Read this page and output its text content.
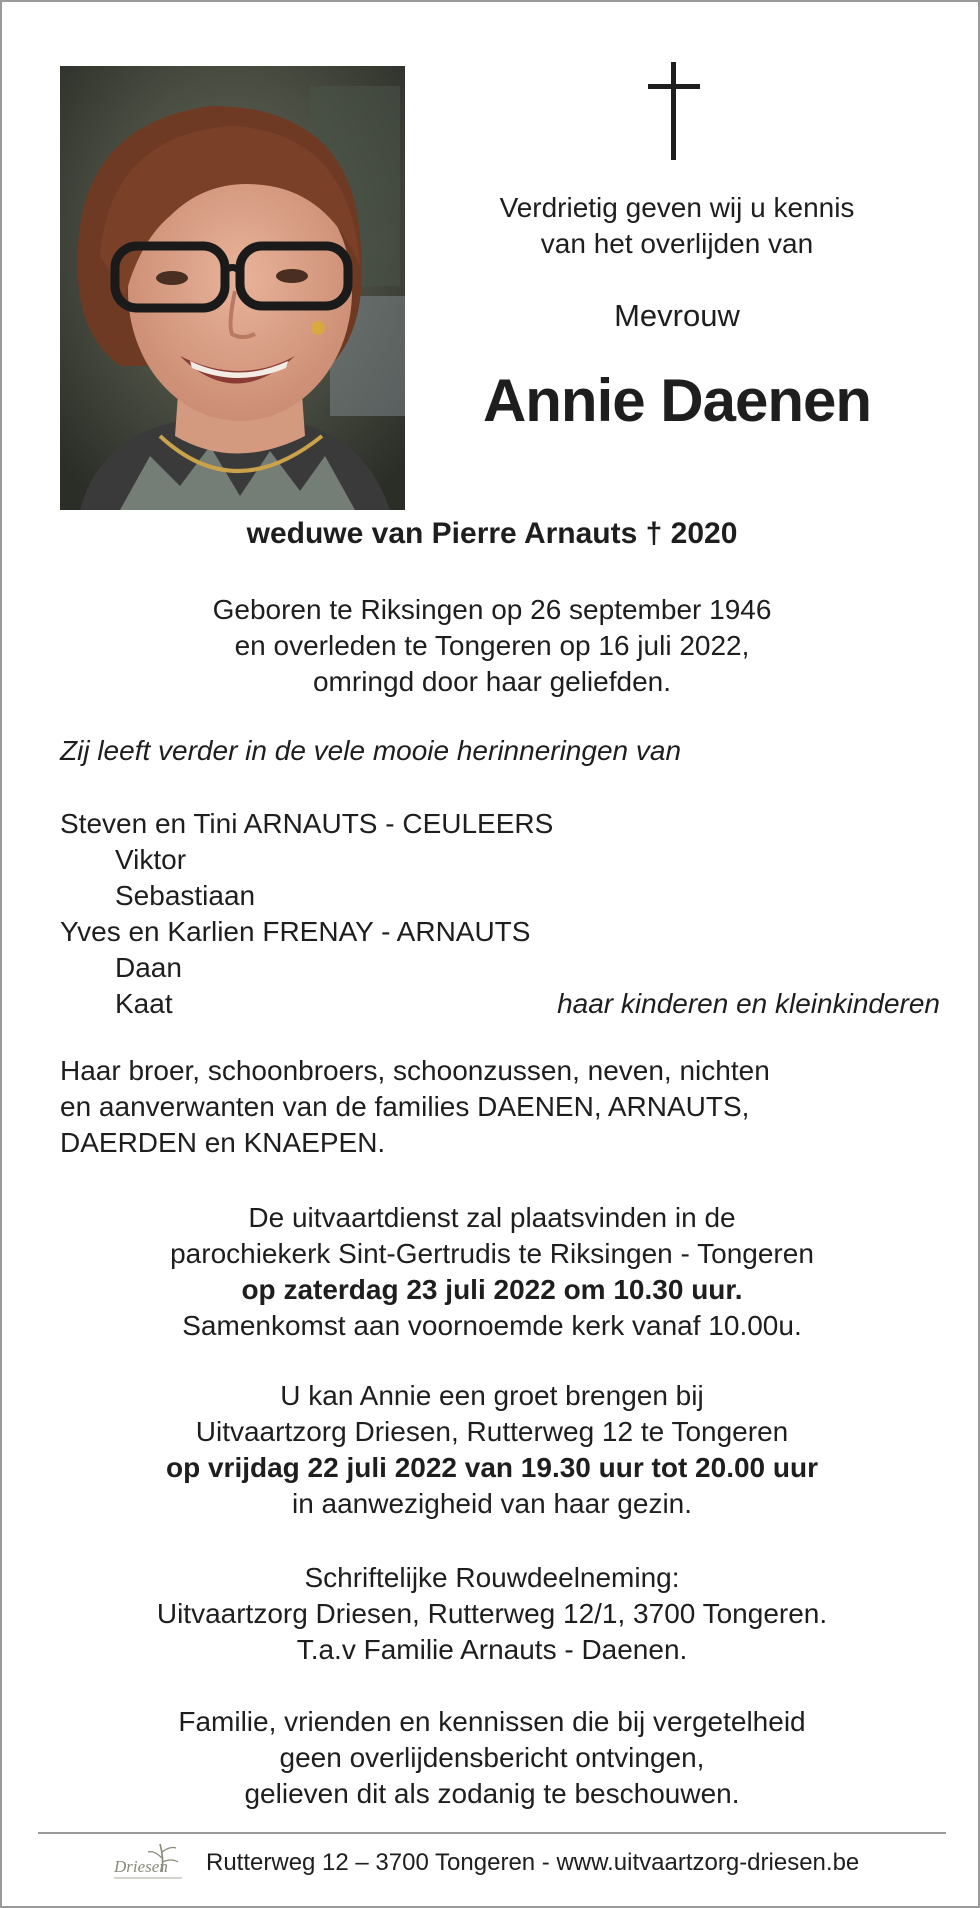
Verdrietig geven wij u kennis
van het overlijden van
Mevrouw
Annie Daenen
weduwe van Pierre Arnauts † 2020
Geboren te Riksingen op 26 september 1946
en overleden te Tongeren op 16 juli 2022,
omringd door haar geliefden.
Zij leeft verder in de vele mooie herinneringen van
Steven en Tini ARNAUTS - CEULEERS
Viktor
Sebastiaan
Yves en Karlien FRENAY - ARNAUTS
Daan
Kaat	haar kinderen en kleinkinderen
Haar broer, schoonbroers, schoonzussen, neven, nichten
en aanverwanten van de families DAENEN, ARNAUTS,
DAERDEN en KNAEPEN.
De uitvaartdienst zal plaatsvinden in de
parochiekerk Sint-Gertrudis te Riksingen - Tongeren
op zaterdag 23 juli 2022 om 10.30 uur.
Samenkomst aan voornoemde kerk vanaf 10.00u.
U kan Annie een groet brengen bij
Uitvaartzorg Driesen, Rutterweg 12 te Tongeren
op vrijdag 22 juli 2022 van 19.30 uur tot 20.00 uur
in aanwezigheid van haar gezin.
Schriftelijke Rouwdeelneming:
Uitvaartzorg Driesen, Rutterweg 12/1, 3700 Tongeren.
T.a.v Familie Arnauts - Daenen.
Familie, vrienden en kennissen die bij vergetelheid
geen overlijdensbericht ontvingen,
gelieven dit als zodanig te beschouwen.
Driesen Rutterweg 12 – 3700 Tongeren - www.uitvaartzorg-driesen.be
